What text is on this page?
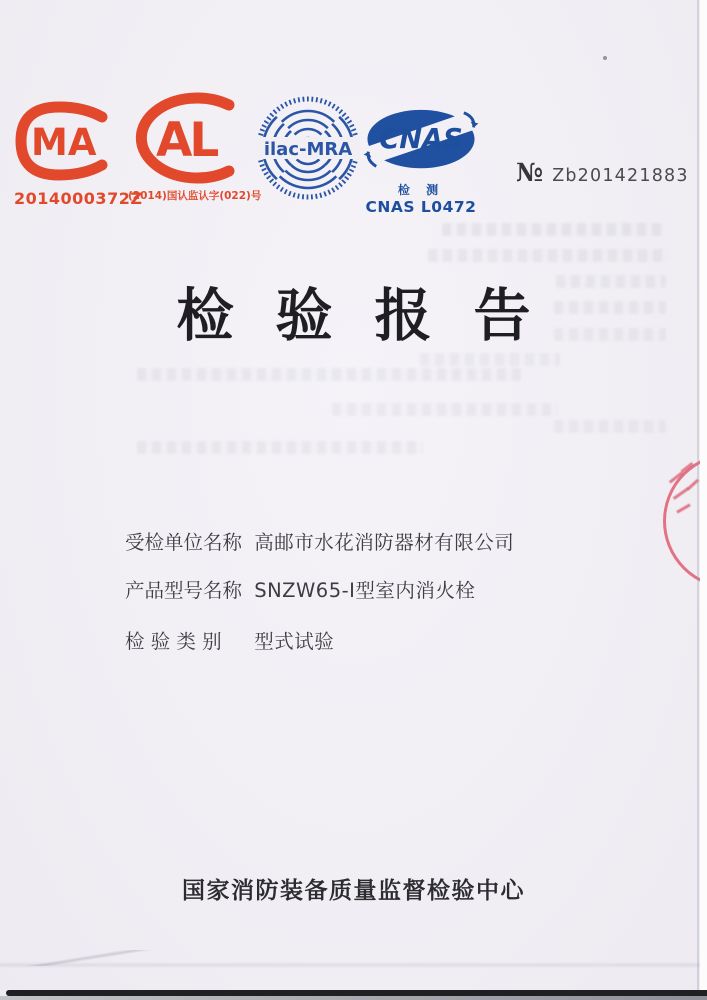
MA
2014000372Z
AL
(2014)国认监认字(022)号
ilac-MRA CNAS
检 测
CNAS L0472
№ Zb201421883
检验报告
受检单位名称 高邮市水花消防器材有限公司
产品型号名称 SNZW65-Ⅰ型室内消火栓
检 验 类 别 型式试验
国家消防装备质量监督检验中心
